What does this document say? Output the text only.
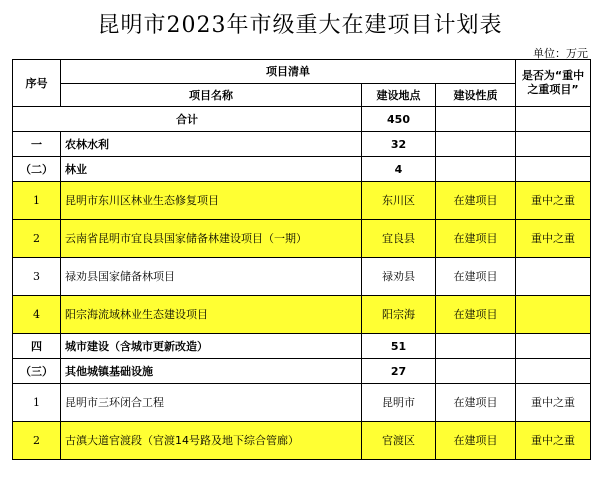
昆明市2023年市级重大在建项目计划表
单位：万元
序号	项目清单			是否为“重中之重项目”
	项目名称	建设地点	建设性质	
合计		450		
一	农林水利	32		
（二）	林业	4		
1	昆明市东川区林业生态修复项目	东川区	在建项目	重中之重
2	云南省昆明市宜良县国家储备林建设项目（一期）	宜良县	在建项目	重中之重
3	禄劝县国家储备林项目	禄劝县	在建项目	
4	阳宗海流域林业生态建设项目	阳宗海	在建项目	
四	城市建设（含城市更新改造）	51		
（三）	其他城镇基础设施	27		
1	昆明市三环闭合工程	昆明市	在建项目	重中之重
2	古滇大道官渡段（官渡14号路及地下综合管廊）	官渡区	在建项目	重中之重
